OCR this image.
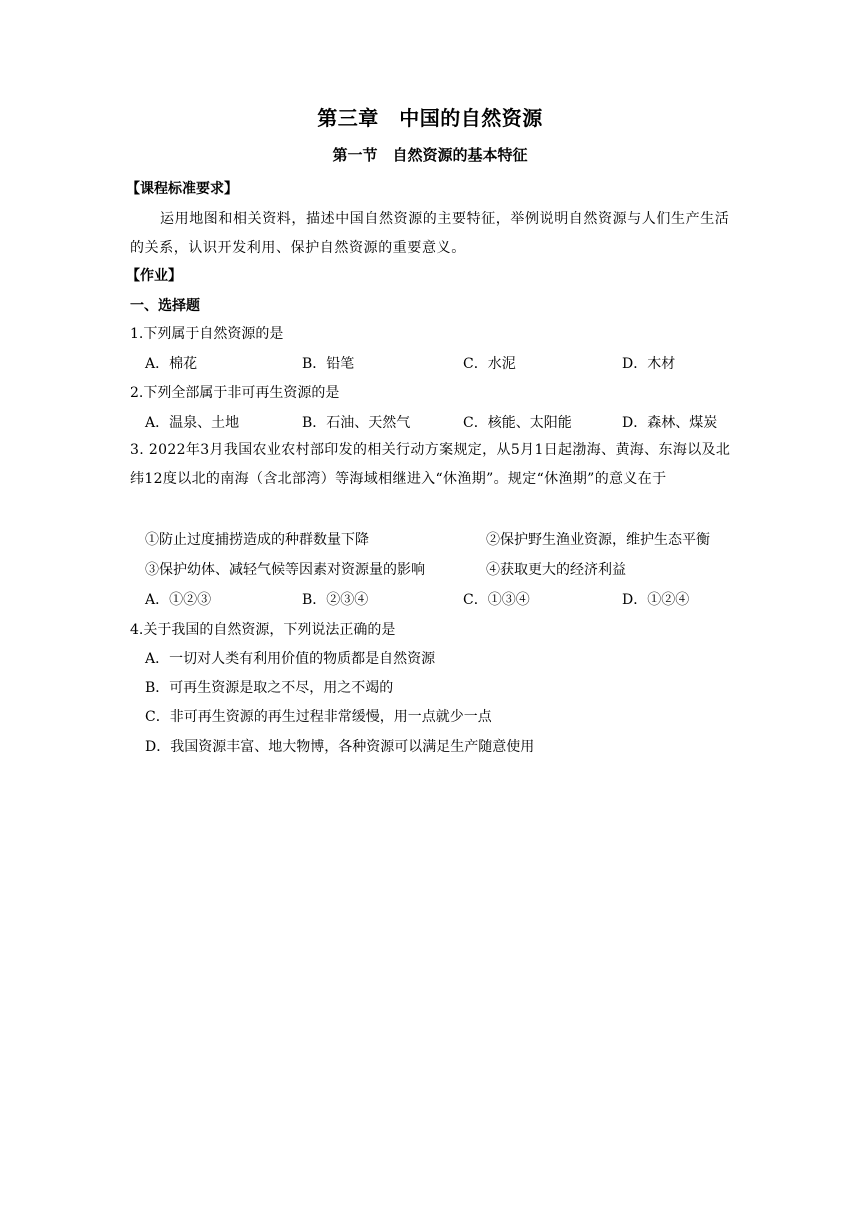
第三章　中国的自然资源
第一节　自然资源的基本特征
【课程标准要求】
运用地图和相关资料，描述中国自然资源的主要特征，举例说明自然资源与人们生产生活的关系，认识开发利用、保护自然资源的重要意义。
【作业】
一、选择题
1.下列属于自然资源的是
A．棉花	B．铅笔	C．水泥	D．木材
2.下列全部属于非可再生资源的是
A．温泉、土地	B．石油、天然气	C．核能、太阳能	D．森林、煤炭
3. 2022年3月我国农业农村部印发的相关行动方案规定，从5月1日起渤海、黄海、东海以及北纬12度以北的南海（含北部湾）等海域相继进入“休渔期”。规定“休渔期”的意义在于
①防止过度捕捞造成的种群数量下降	②保护野生渔业资源，维护生态平衡
③保护幼体、减轻气候等因素对资源量的影响	④获取更大的经济利益
A．①②③	B．②③④	C．①③④	D．①②④
4.关于我国的自然资源，下列说法正确的是
A．一切对人类有利用价值的物质都是自然资源
B．可再生资源是取之不尽，用之不竭的
C．非可再生资源的再生过程非常缓慢，用一点就少一点
D．我国资源丰富、地大物博，各种资源可以满足生产随意使用
